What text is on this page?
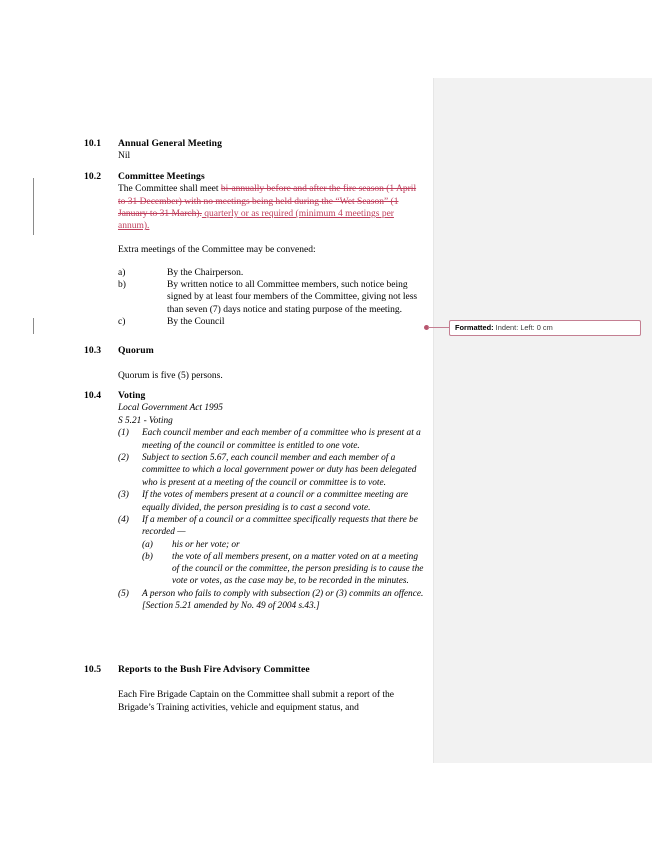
10.1	Annual General Meeting
Nil
10.2	Committee Meetings
The Committee shall meet bi-annually before and after the fire season (1 April to 31 December) with no meetings being held during the “Wet Season” (1 January to 31 March). quarterly or as required (minimum 4 meetings per annum).
Extra meetings of the Committee may be convened:
a)	By the Chairperson.
b)	By written notice to all Committee members, such notice being signed by at least four members of the Committee, giving not less than seven (7) days notice and stating purpose of the meeting.
c)	By the Council
10.3	Quorum
Quorum is five (5) persons.
10.4	Voting
Local Government Act 1995
S 5.21 - Voting
(1)	Each council member and each member of a committee who is present at a meeting of the council or committee is entitled to one vote.
(2)	Subject to section 5.67, each council member and each member of a committee to which a local government power or duty has been delegated who is present at a meeting of the council or committee is to vote.
(3)	If the votes of members present at a council or a committee meeting are equally divided, the person presiding is to cast a second vote.
(4)	If a member of a council or a committee specifically requests that there be recorded —
(a)	his or her vote; or
(b)	the vote of all members present, on a matter voted on at a meeting of the council or the committee, the person presiding is to cause the vote or votes, as the case may be, to be recorded in the minutes.
(5)	A person who fails to comply with subsection (2) or (3) commits an offence.
[Section 5.21 amended by No. 49 of 2004 s.43.]
10.5	Reports to the Bush Fire Advisory Committee
Each Fire Brigade Captain on the Committee shall submit a report of the Brigade’s Training activities, vehicle and equipment status, and
Formatted: Indent: Left: 0 cm
